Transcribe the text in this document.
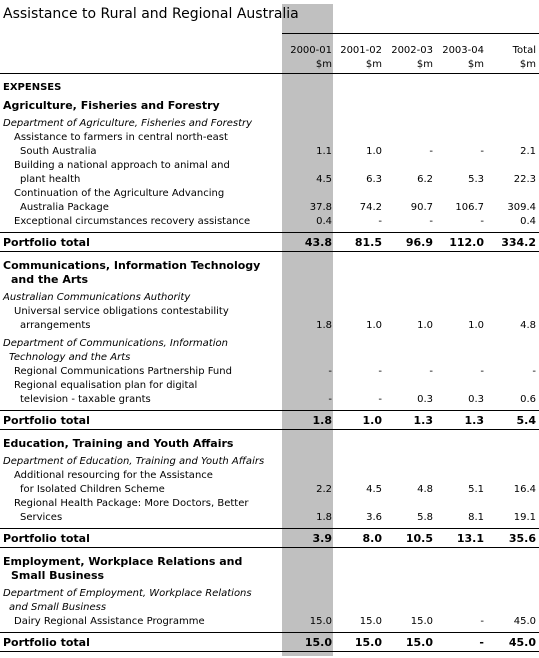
Assistance to Rural and Regional Australia
2000-01 2001-02 2002-03 2003-04	Total
$m	$m	$m	$m	$m
EXPENSES
Agriculture, Fisheries and Forestry
Department of Agriculture, Fisheries and Forestry
Assistance to farmers in central north-east
South Australia	1.1	1.0	-	-	2.1
Building a national approach to animal and
plant health	4.5	6.3	6.2	5.3	22.3
Continuation of the Agriculture Advancing
Australia Package	37.8	74.2	90.7	106.7	309.4
Exceptional circumstances recovery assistance	0.4	-	-	-	0.4
Portfolio total	43.8	81.5	96.9	112.0	334.2
Communications, Information Technology
and the Arts
Australian Communications Authority
Universal service obligations contestability
arrangements	1.8	1.0	1.0	1.0	4.8
Department of Communications, Information
Technology and the Arts
Regional Communications Partnership Fund	-	-	-	-	-
Regional equalisation plan for digital
television - taxable grants	-	-	0.3	0.3	0.6
Portfolio total	1.8	1.0	1.3	1.3	5.4
Education, Training and Youth Affairs
Department of Education, Training and Youth Affairs
Additional resourcing for the Assistance
for Isolated Children Scheme	2.2	4.5	4.8	5.1	16.4
Regional Health Package: More Doctors, Better
Services	1.8	3.6	5.8	8.1	19.1
Portfolio total	3.9	8.0	10.5	13.1	35.6
Employment, Workplace Relations and
Small Business
Department of Employment, Workplace Relations
and Small Business
Dairy Regional Assistance Programme	15.0	15.0	15.0	-	45.0
Portfolio total	15.0	15.0	15.0	-	45.0
